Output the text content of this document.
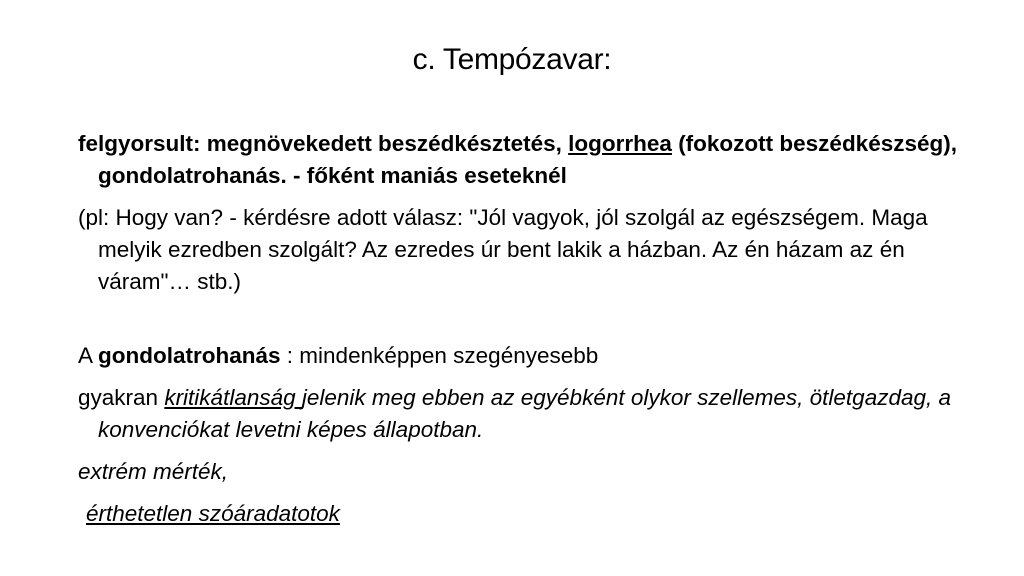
c. Tempózavar:

felgyorsult: megnövekedett beszédkésztetés, logorrhea (fokozott beszédkészség), gondolatrohanás. - főként maniás eseteknél

(pl: Hogy van? - kérdésre adott válasz: "Jól vagyok, jól szolgál az egészségem. Maga melyik ezredben szolgált? Az ezredes úr bent lakik a házban. Az én házam az én váram"… stb.)

A gondolatrohanás : mindenképpen szegényesebb

gyakran kritikátlanság jelenik meg ebben az egyébként olykor szellemes, ötletgazdag, a konvenciókat levetni képes állapotban.

extrém mérték,

érthetetlen szóáradatotok
